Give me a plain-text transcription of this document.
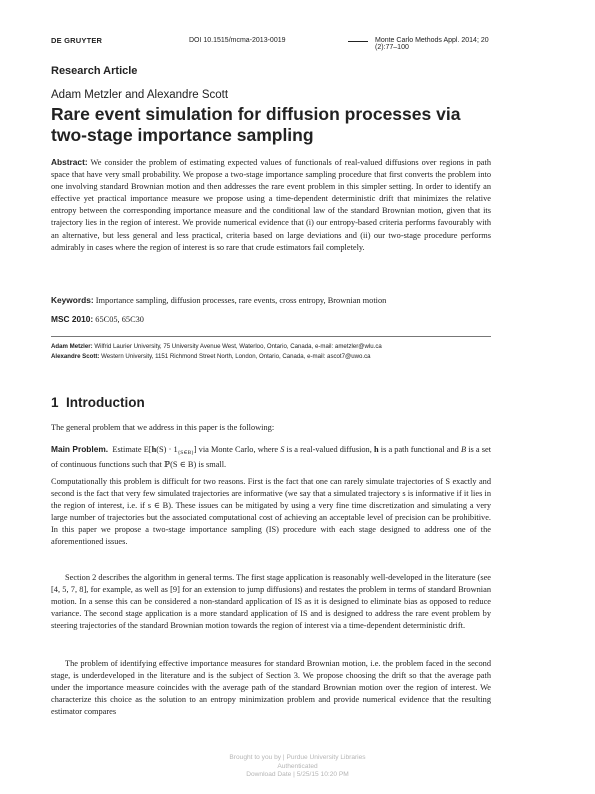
DE GRUYTER	DOI 10.1515/mcma-2013-0019	Monte Carlo Methods Appl. 2014; 20 (2):77–100
Research Article
Adam Metzler and Alexandre Scott
Rare event simulation for diffusion processes via
two-stage importance sampling
Abstract: We consider the problem of estimating expected values of functionals of real-valued diffusions over regions in path space that have very small probability. We propose a two-stage importance sampling procedure that first converts the problem into one involving standard Brownian motion and then addresses the rare event problem in this simpler setting. In order to identify an effective yet practical importance measure we propose using a time-dependent deterministic drift that minimizes the relative entropy between the corresponding importance measure and the conditional law of the standard Brownian motion, given that its trajectory lies in the region of interest. We provide numerical evidence that (i) our entropy-based criteria performs favourably with an alternative, but less general and less practical, criteria based on large deviations and (ii) our two-stage procedure performs admirably in cases where the region of interest is so rare that crude estimators fail completely.
Keywords: Importance sampling, diffusion processes, rare events, cross entropy, Brownian motion
MSC 2010: 65C05, 65C30
Adam Metzler: Wilfrid Laurier University, 75 University Avenue West, Waterloo, Ontario, Canada, e-mail: ametzler@wlu.ca
Alexandre Scott: Western University, 1151 Richmond Street North, London, Ontario, Canada, e-mail: ascot7@uwo.ca
1 Introduction
The general problem that we address in this paper is the following:
Main Problem. Estimate $E[h(S) \cdot 1_{\{S\in B\}}]$ via Monte Carlo, where S is a real-valued diffusion, h is a path functional and B is a set of continuous functions such that ℙ(S ∈ B) is small.
Computationally this problem is difficult for two reasons. First is the fact that one can rarely simulate trajectories of S exactly and second is the fact that very few simulated trajectories are informative (we say that a simulated trajectory s is informative if it lies in the region of interest, i.e. if s ∈ B). These issues can be mitigated by using a very fine time discretization and simulating a very large number of trajectories but the associated computational cost of achieving an acceptable level of precision can be prohibitive. In this paper we propose a two-stage importance sampling (IS) procedure with each stage designed to address one of the aforementioned issues.
Section 2 describes the algorithm in general terms. The first stage application is reasonably well-developed in the literature (see [4, 5, 7, 8], for example, as well as [9] for an extension to jump diffusions) and restates the problem in terms of standard Brownian motion. In a sense this can be considered a non-standard application of IS as it is designed to eliminate bias as opposed to reduce variance. The second stage application is a more standard application of IS and is designed to address the rare event problem by steering trajectories of the standard Brownian motion towards the region of interest via a time-dependent deterministic drift.
The problem of identifying effective importance measures for standard Brownian motion, i.e. the problem faced in the second stage, is underdeveloped in the literature and is the subject of Section 3. We propose choosing the drift so that the average path under the importance measure coincides with the average path of the standard Brownian motion over the region of interest. We characterize this choice as the solution to an entropy minimization problem and provide numerical evidence that the resulting estimator compares
Brought to you by | Purdue University Libraries
Authenticated
Download Date | 5/25/15 10:20 PM
